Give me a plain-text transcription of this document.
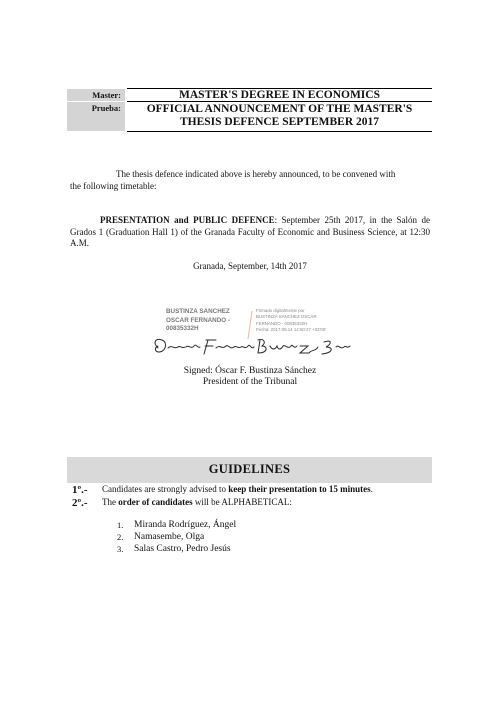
Master:	MASTER'S DEGREE IN ECONOMICS
Prueba:	OFFICIAL ANNOUNCEMENT OF THE MASTER'S
THESIS DEFENCE SEPTEMBER 2017
The thesis defence indicated above is hereby announced, to be convened with
the following timetable:
PRESENTATION and PUBLIC DEFENCE: September 25th 2017, in the Salón de Grados 1 (Graduation Hall 1) of the Granada Faculty of Economic and Business Science, at 12:30 A.M.
Granada, September, 14th 2017
BUSTINZA SANCHEZ
OSCAR FERNANDO -
00835332H
Firmado digitalmente por
BUSTINZA SANCHEZ OSCAR
FERNANDO - 00835332H
Fecha: 2017.09.14 14:50:27 +02'00'
Signed: Óscar F. Bustinza Sánchez
President of the Tribunal
GUIDELINES
1º.- Candidates are strongly advised to keep their presentation to 15 minutes.
2º.- The order of candidates will be ALPHABETICAL:
1.	Miranda Rodríguez, Ángel
2.	Namasembe, Olga
3.	Salas Castro, Pedro Jesús
